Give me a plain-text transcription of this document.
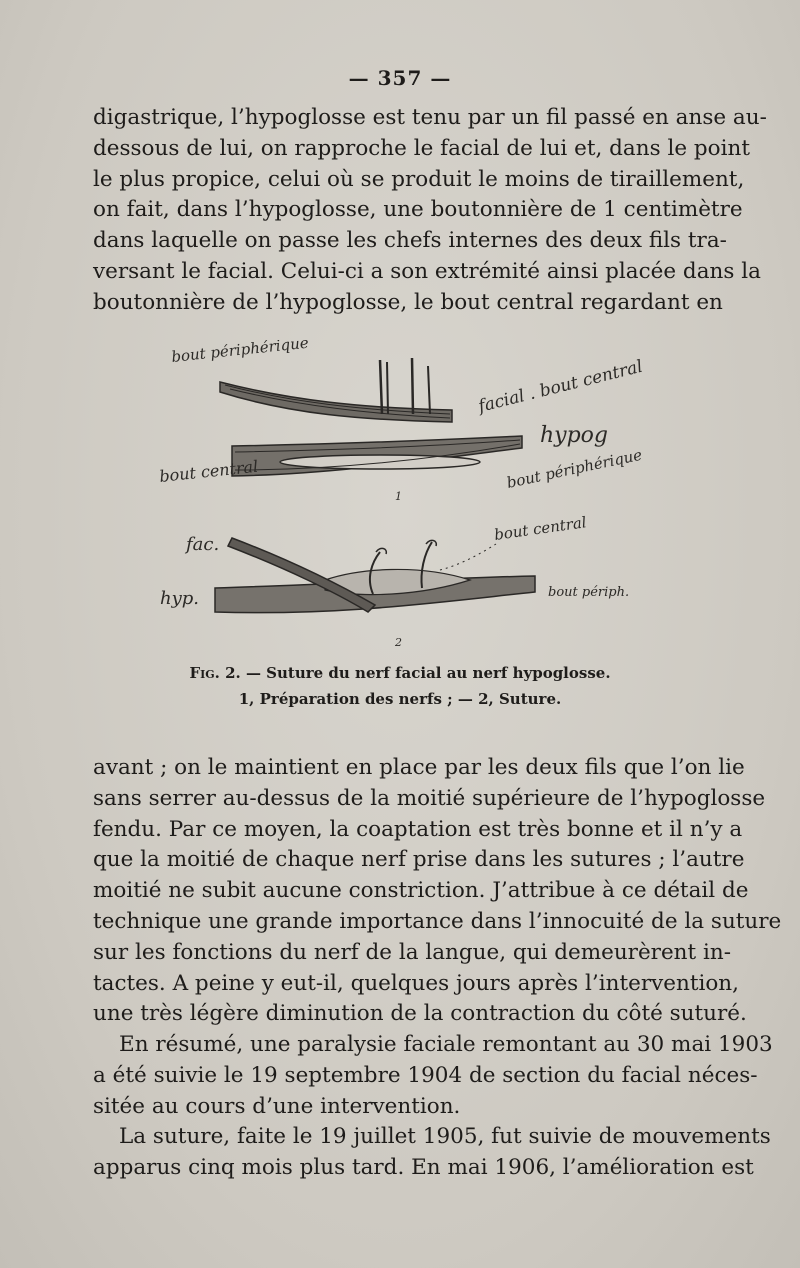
— 357 —
digastrique, l’hypoglosse est tenu par un fil passé en anse au-
dessous de lui, on rapproche le facial de lui et, dans le point
le plus propice, celui où se produit le moins de tiraillement,
on fait, dans l’hypoglosse, une boutonnière de 1 centimètre
dans laquelle on passe les chefs internes des deux fils tra-
versant le facial. Celui-ci a son extrémité ainsi placée dans la
boutonnière de l’hypoglosse, le bout central regardant en
bout périphérique
facial . bout central
bout central
hypog
bout périphérique
1
fac.
hyp.
bout central
bout périph.
2
Fig. 2. — Suture du nerf facial au nerf hypoglosse.
1, Préparation des nerfs ; — 2, Suture.
avant ; on le maintient en place par les deux fils que l’on lie
sans serrer au-dessus de la moitié supérieure de l’hypoglosse
fendu. Par ce moyen, la coaptation est très bonne et il n’y a
que la moitié de chaque nerf prise dans les sutures ; l’autre
moitié ne subit aucune constriction. J’attribue à ce détail de
technique une grande importance dans l’innocuité de la suture
sur les fonctions du nerf de la langue, qui demeurèrent in-
tactes. A peine y eut-il, quelques jours après l’intervention,
une très légère diminution de la contraction du côté suturé.
En résumé, une paralysie faciale remontant au 30 mai 1903
a été suivie le 19 septembre 1904 de section du facial néces-
sitée au cours d’une intervention.
La suture, faite le 19 juillet 1905, fut suivie de mouvements
apparus cinq mois plus tard. En mai 1906, l’amélioration est
